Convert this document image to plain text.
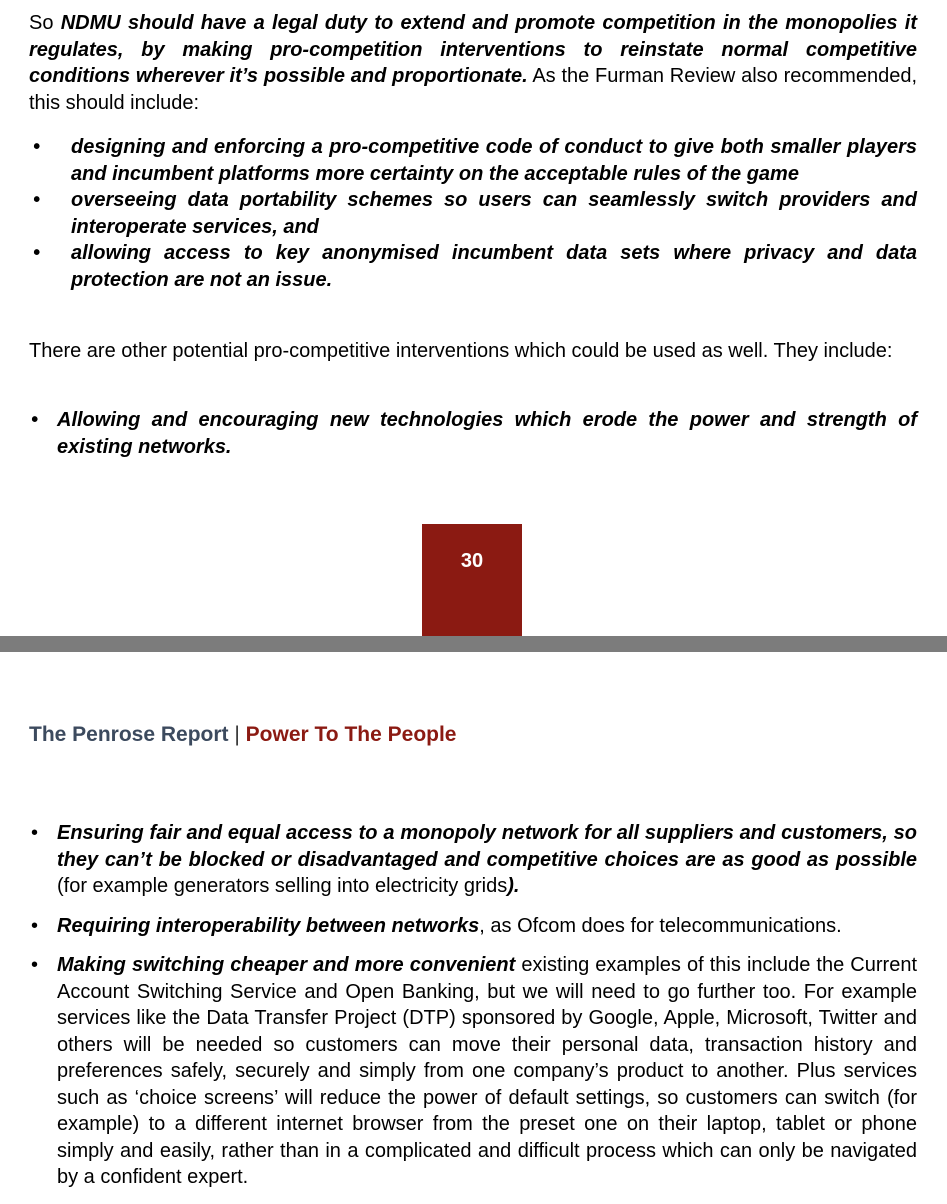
So NDMU should have a legal duty to extend and promote competition in the monopolies it regulates, by making pro-competition interventions to reinstate normal competitive conditions wherever it’s possible and proportionate. As the Furman Review also recommended, this should include:

• designing and enforcing a pro-competitive code of conduct to give both smaller players and incumbent platforms more certainty on the acceptable rules of the game
• overseeing data portability schemes so users can seamlessly switch providers and interoperate services, and
• allowing access to key anonymised incumbent data sets where privacy and data protection are not an issue.

There are other potential pro-competitive interventions which could be used as well. They include:

• Allowing and encouraging new technologies which erode the power and strength of existing networks.
30
The Penrose Report | Power To The People
• Ensuring fair and equal access to a monopoly network for all suppliers and customers, so they can’t be blocked or disadvantaged and competitive choices are as good as possible (for example generators selling into electricity grids).
• Requiring interoperability between networks, as Ofcom does for telecommunications.
• Making switching cheaper and more convenient existing examples of this include the Current Account Switching Service and Open Banking, but we will need to go further too. For example services like the Data Transfer Project (DTP) sponsored by Google, Apple, Microsoft, Twitter and others will be needed so customers can move their personal data, transaction history and preferences safely, securely and simply from one company’s product to another. Plus services such as ‘choice screens’ will reduce the power of default settings, so customers can switch (for example) to a different internet browser from the preset one on their laptop, tablet or phone simply and easily, rather than in a complicated and difficult process which can only be navigated by a confident expert.
